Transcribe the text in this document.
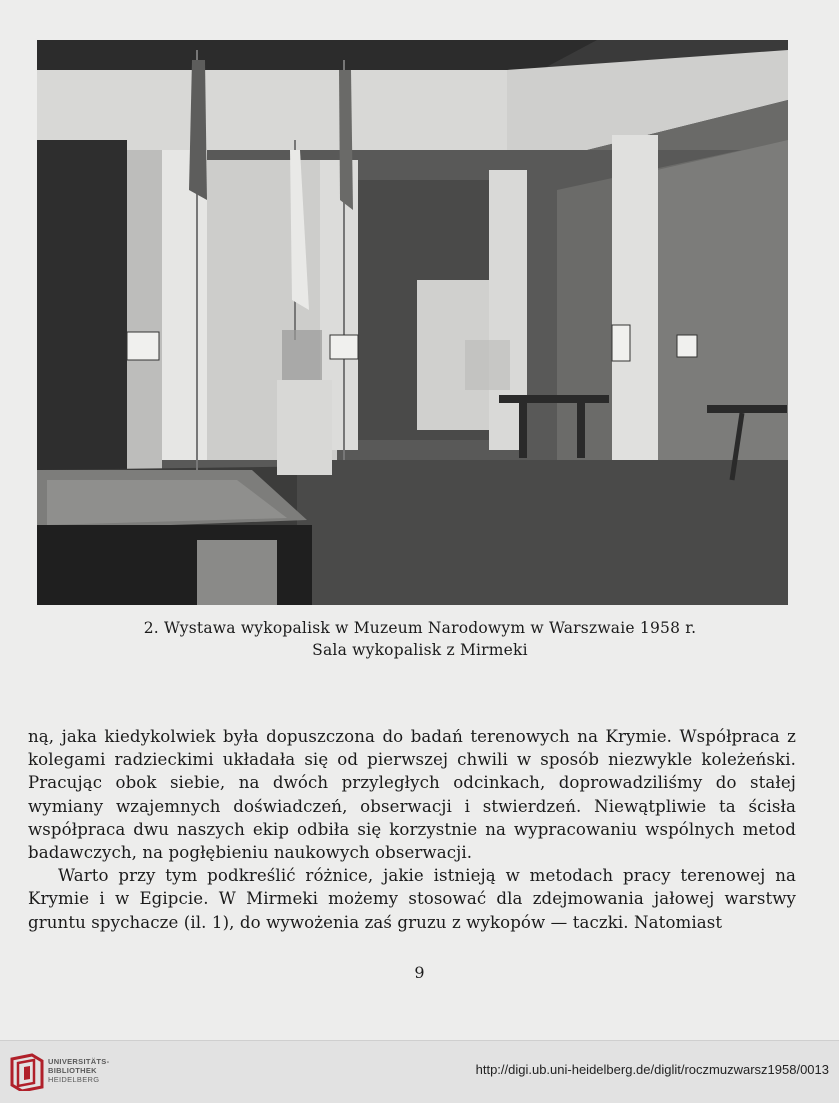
2. Wystawa wykopalisk w Muzeum Narodowym w Warszwaie 1958 r.
Sala wykopalisk z Mirmeki

ną, jaka kiedykolwiek była dopuszczona do badań terenowych na Krymie. Współpraca z kolegami radzieckimi układała się od pierwszej chwili w sposób niezwykle koleżeński. Pracując obok siebie, na dwóch przyległych odcinkach, doprowadziliśmy do stałej wymiany wzajemnych doświadczeń, obserwacji i stwierdzeń. Niewątpliwie ta ścisła współpraca dwu naszych ekip odbiła się korzystnie na wypracowaniu wspólnych metod badawczych, na pogłębieniu naukowych obserwacji.

Warto przy tym podkreślić różnice, jakie istnieją w metodach pracy terenowej na Krymie i w Egipcie. W Mirmeki możemy stosować dla zdejmowania jałowej warstwy gruntu spychacze (il. 1), do wywożenia zaś gruzu z wykopów — taczki. Natomiast

9
UNIVERSITÄTS-
BIBLIOTHEK
HEIDELBERG
http://digi.ub.uni-heidelberg.de/diglit/roczmuzwarsz1958/0013
